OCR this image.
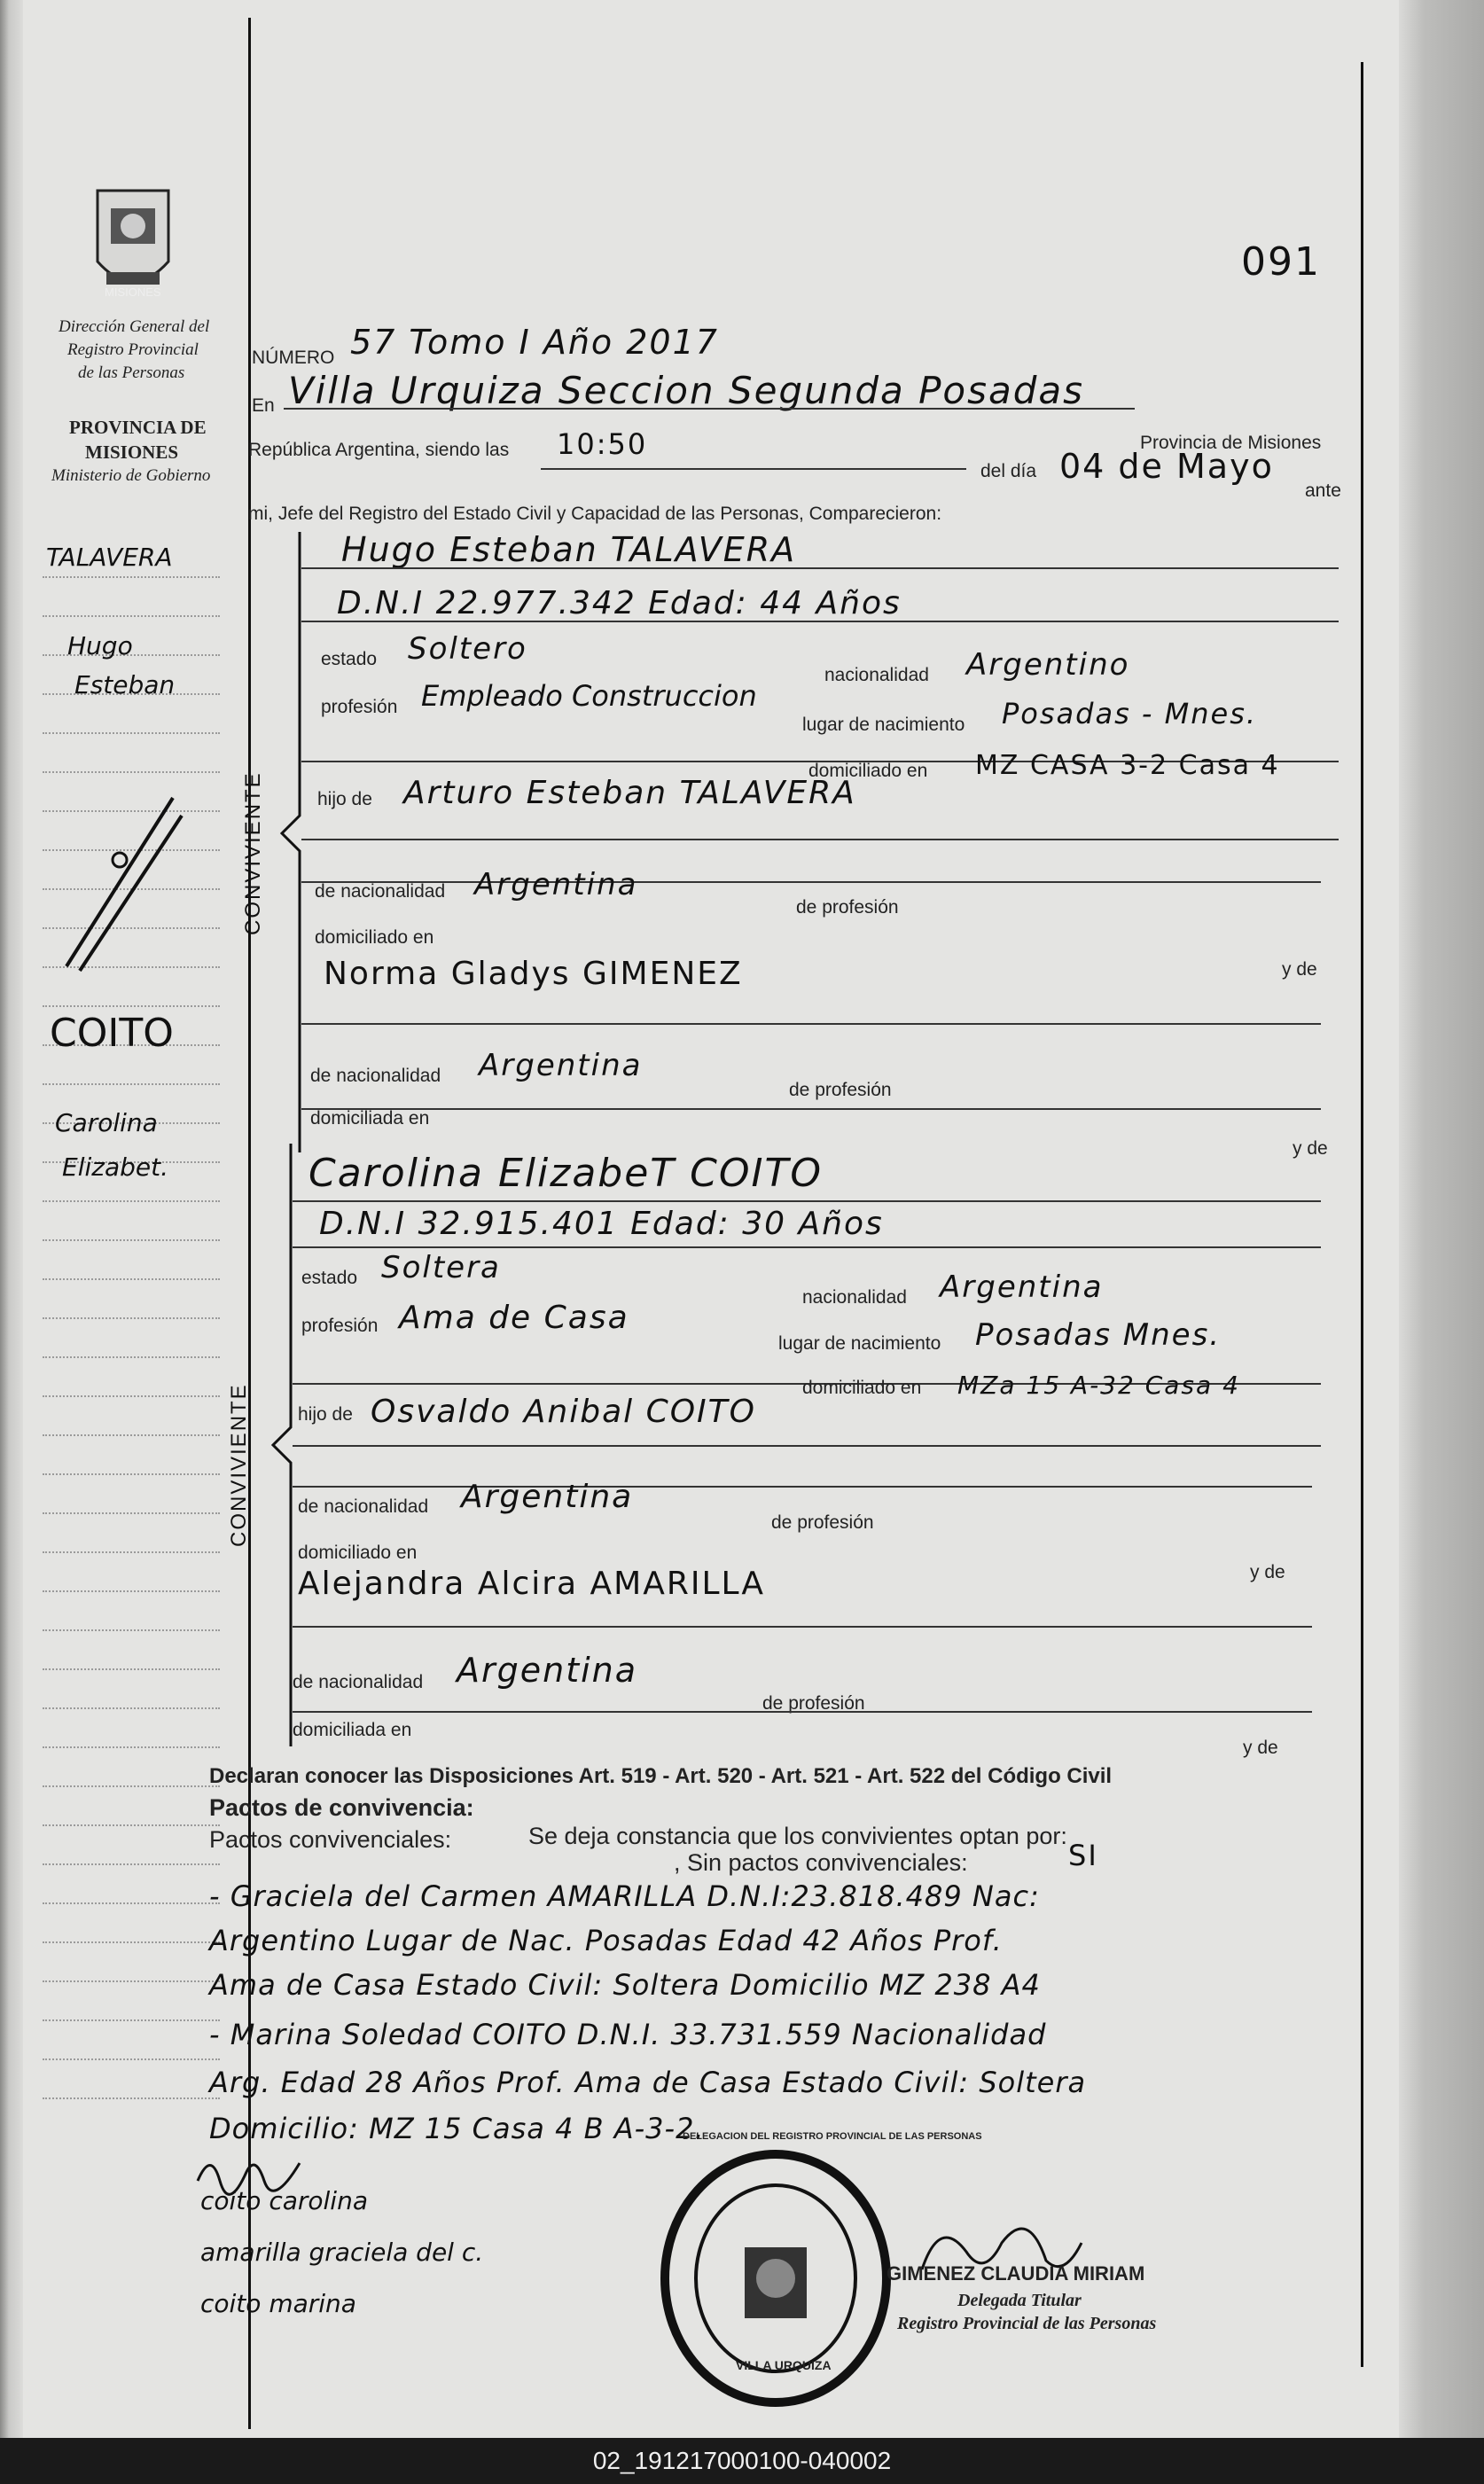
091
MISIONES
Dirección General del
Registro Provincial
de las Personas
PROVINCIA DE
MISIONES
Ministerio de Gobierno
TALAVERA
Hugo
Esteban
COITO
Carolina
Elizabet.
NÚMERO 57 Tomo I Año 2017
En Villa Urquiza Seccion Segunda Posadas
Provincia de Misiones
República Argentina, siendo las 10:50
del día 04 de Mayo
ante
mi, Jefe del Registro del Estado Civil y Capacidad de las Personas, Comparecieron:
CONVIVIENTE
Hugo Esteban TALAVERA
D.N.I 22.977.342 Edad: 44 Años
estado Soltero
nacionalidad Argentino
profesión Empleado Construccion
lugar de nacimiento Posadas - Mnes.
domiciliado en MZ CASA 3-2 Casa 4
hijo de Arturo Esteban TALAVERA
de nacionalidad Argentina
de profesión
domiciliado en
Norma Gladys GIMENEZ	y de
de nacionalidad Argentina
de profesión
domiciliada en
y de
CONVIVIENTE
Carolina ElizabeT COITO
D.N.I 32.915.401 Edad: 30 Años
estado Soltera
nacionalidad Argentina
profesión Ama de Casa
lugar de nacimiento Posadas Mnes.
domiciliado en MZa 15 A-32 Casa 4
hijo de Osvaldo Anibal COITO
de nacionalidad Argentina
de profesión
domiciliado en
y de
Alejandra Alcira AMARILLA
de nacionalidad Argentina
de profesión
domiciliada en
y de
Declaran conocer las Disposiciones Art. 519 - Art. 520 - Art. 521 - Art. 522 del Código Civil
Pactos de convivencia:
Se deja constancia que los convivientes optan por:
Pactos convivenciales:
, Sin pactos convivenciales:	SI
- Graciela del Carmen AMARILLA D.N.I:23.818.489 Nac:
Argentino Lugar de Nac. Posadas Edad 42 Años Prof.
Ama de Casa Estado Civil: Soltera Domicilio MZ 238 A4
- Marina Soledad COITO D.N.I. 33.731.559 Nacionalidad
Arg. Edad 28 Años Prof. Ama de Casa Estado Civil: Soltera
Domicilio: MZ 15 Casa 4 B A-3-2.
coito carolina
amarilla graciela del c.
coito marina
DELEGACION DEL REGISTRO PROVINCIAL DE LAS PERSONAS
VILLA URQUIZA
GIMENEZ CLAUDIA MIRIAM
Delegada Titular
Registro Provincial de las Personas
02_191217000100-040002
